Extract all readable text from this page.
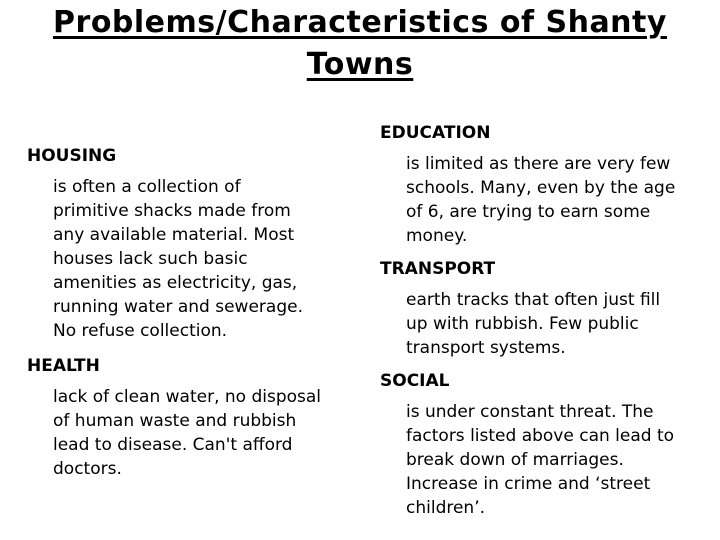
Problems/Characteristics of Shanty Towns
HOUSING
is often a collection of
primitive shacks made from
any available material. Most
houses lack such basic
amenities as electricity, gas,
running water and sewerage.
No refuse collection.
HEALTH
lack of clean water, no disposal
of human waste and rubbish
lead to disease. Can't afford
doctors.
EDUCATION
is limited as there are very few
schools. Many, even by the age
of 6, are trying to earn some
money.
TRANSPORT
earth tracks that often just fill
up with rubbish. Few public
transport systems.
SOCIAL
is under constant threat. The
factors listed above can lead to
break down of marriages.
Increase in crime and ‘street
children’.
